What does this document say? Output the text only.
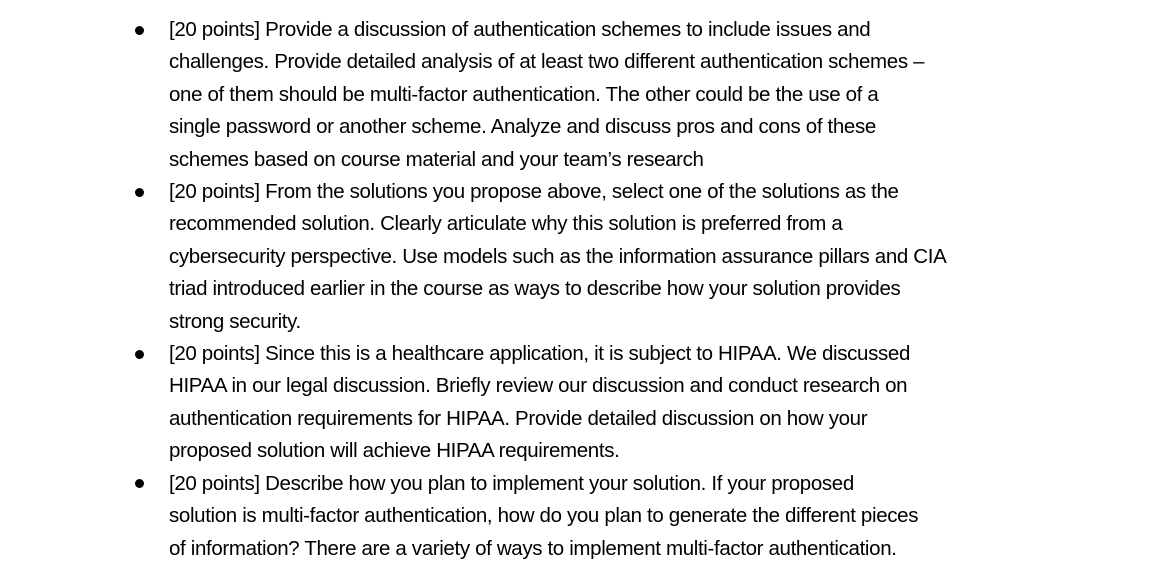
[20 points] Provide a discussion of authentication schemes to include issues and
challenges. Provide detailed analysis of at least two different authentication schemes –
one of them should be multi-factor authentication. The other could be the use of a
single password or another scheme. Analyze and discuss pros and cons of these
schemes based on course material and your team’s research
[20 points] From the solutions you propose above, select one of the solutions as the
recommended solution. Clearly articulate why this solution is preferred from a
cybersecurity perspective. Use models such as the information assurance pillars and CIA
triad introduced earlier in the course as ways to describe how your solution provides
strong security.
[20 points] Since this is a healthcare application, it is subject to HIPAA. We discussed
HIPAA in our legal discussion. Briefly review our discussion and conduct research on
authentication requirements for HIPAA. Provide detailed discussion on how your
proposed solution will achieve HIPAA requirements.
[20 points] Describe how you plan to implement your solution. If your proposed
solution is multi-factor authentication, how do you plan to generate the different pieces
of information? There are a variety of ways to implement multi-factor authentication.
